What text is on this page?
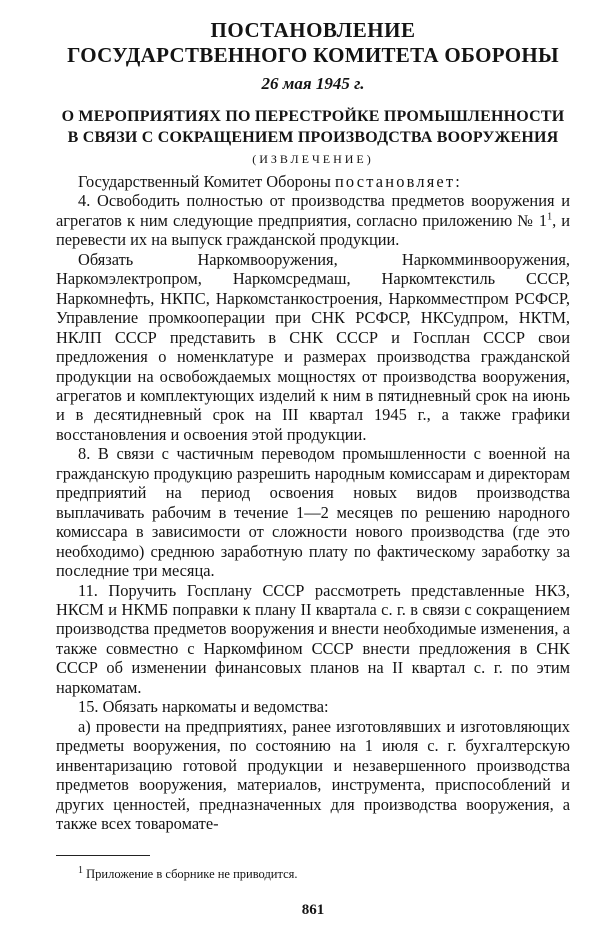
ПОСТАНОВЛЕНИЕ
ГОСУДАРСТВЕННОГО КОМИТЕТА ОБОРОНЫ
26 мая 1945 г.
О МЕРОПРИЯТИЯХ ПО ПЕРЕСТРОЙКЕ ПРОМЫШЛЕННОСТИ
В СВЯЗИ С СОКРАЩЕНИЕМ ПРОИЗВОДСТВА ВООРУЖЕНИЯ
(ИЗВЛЕЧЕНИЕ)

Государственный Комитет Обороны постановляет:

4. Освободить полностью от производства предметов вооружения и агрегатов к ним следующие предприятия, согласно приложению № $1^1$, и перевести их на выпуск гражданской продукции.

Обязать Наркомвооружения, Наркомминвооружения, Наркомэлектропром, Наркомсредмаш, Наркомтекстиль СССР, Наркомнефть, НКПС, Наркомстанкостроения, Наркомместпром РСФСР, Управление промкооперации при СНК РСФСР, НКСудпром, НКТМ, НКЛП СССР представить в СНК СССР и Госплан СССР свои предложения о номенклатуре и размерах производства гражданской продукции на освобождаемых мощностях от производства вооружения, агрегатов и комплектующих изделий к ним в пятидневный срок на июнь и в десятидневный срок на III квартал 1945 г., а также графики восстановления и освоения этой продукции.

8. В связи с частичным переводом промышленности с военной на гражданскую продукцию разрешить народным комиссарам и директорам предприятий на период освоения новых видов производства выплачивать рабочим в течение 1—2 месяцев по решению народного комиссара в зависимости от сложности нового производства (где это необходимо) среднюю заработную плату по фактическому заработку за последние три месяца.

11. Поручить Госплану СССР рассмотреть представленные НКЗ, НКСМ и НКМБ поправки к плану II квартала с. г. в связи с сокращением производства предметов вооружения и внести необходимые изменения, а также совместно с Наркомфином СССР внести предложения в СНК СССР об изменении финансовых планов на II квартал с. г. по этим наркоматам.

15. Обязать наркоматы и ведомства:

а) провести на предприятиях, ранее изготовлявших и изготовляющих предметы вооружения, по состоянию на 1 июля с. г. бухгалтерскую инвентаризацию готовой продукции и незавершенного производства предметов вооружения, материалов, инструмента, приспособлений и других ценностей, предназначенных для производства вооружения, а также всех товаромате-

$^1$ Приложение в сборнике не приводится.
861
